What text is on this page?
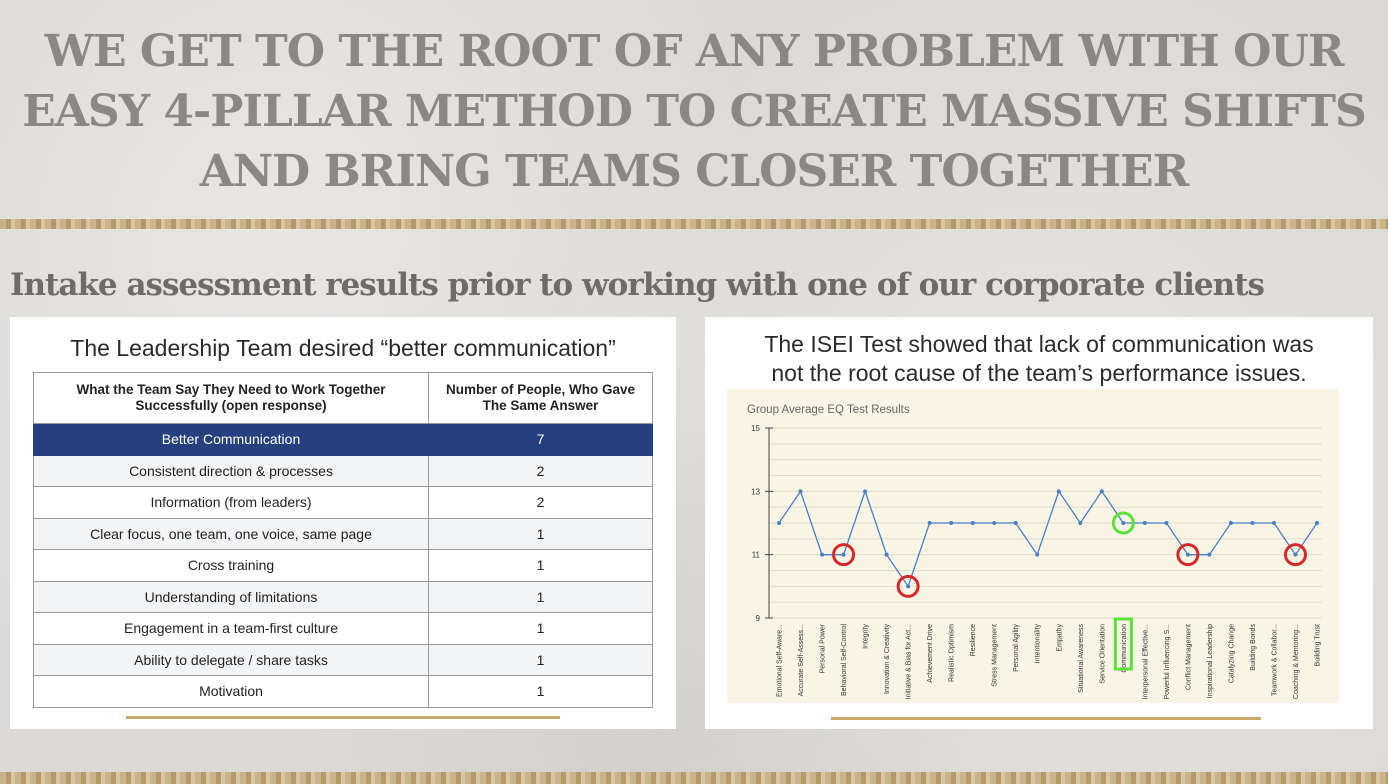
WE GET TO THE ROOT OF ANY PROBLEM WITH OUR
EASY 4-PILLAR METHOD TO CREATE MASSIVE SHIFTS
AND BRING TEAMS CLOSER TOGETHER
Intake assessment results prior to working with one of our corporate clients
The Leadership Team desired “better communication”
What the Team Say They Need to Work Together Successfully (open response)	Number of People, Who Gave The Same Answer
Better Communication	7
Consistent direction & processes	2
Information (from leaders)	2
Clear focus, one team, one voice, same page	1
Cross training	1
Understanding of limitations	1
Engagement in a team-first culture	1
Ability to delegate / share tasks	1
Motivation	1
The ISEI Test showed that lack of communication was
not the root cause of the team’s performance issues.
Group Average EQ Test Results
9
11
13
15
Emotional Self-Aware... Accurate Self-Assess... Personal Power Behavioral Self-Control Integrity Innovation & Creativity Initiative & Bias for Act... Achievement Drive Realistic Optimism Resilience Stress Management Personal Agility Intentionality Empathy Situational Awareness Service Orientation Communication Interpersonal Effective... Powerful Influencing S... Conflict Management Inspirational Leadership Catalyzing Change Building Bonds Teamwork & Collabor... Coaching & Mentoring... Building Trust
